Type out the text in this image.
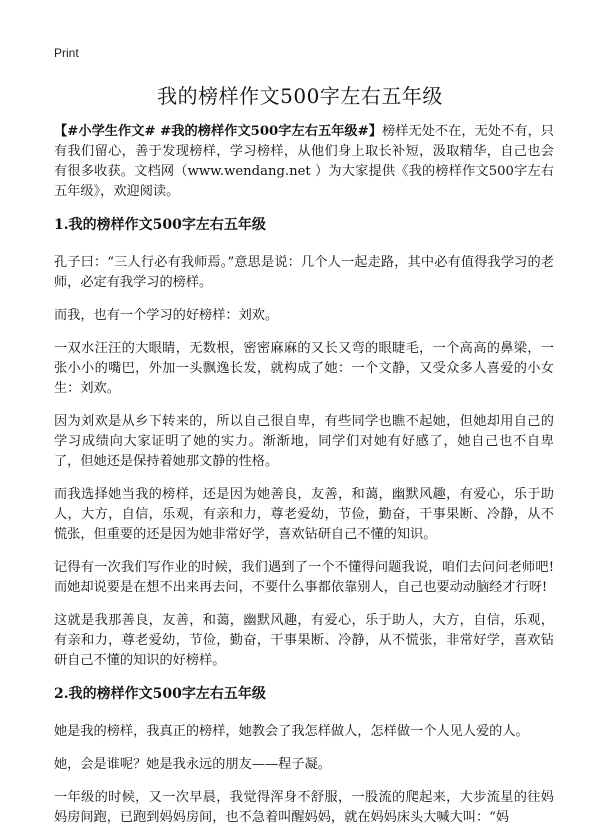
Print
我的榜样作文500字左右五年级

【#小学生作文# #我的榜样作文500字左右五年级#】榜样无处不在，无处不有，只有我们留心，善于发现榜样，学习榜样，从他们身上取长补短，汲取精华，自己也会有很多收获。文档网（www.wendang.net ）为大家提供《我的榜样作文500字左右五年级》，欢迎阅读。

1.我的榜样作文500字左右五年级

孔子曰：“三人行必有我师焉。”意思是说：几个人一起走路，其中必有值得我学习的老师，必定有我学习的榜样。

而我，也有一个学习的好榜样：刘欢。

一双水汪汪的大眼睛，无数根，密密麻麻的又长又弯的眼睫毛，一个高高的鼻梁，一张小小的嘴巴，外加一头飘逸长发，就构成了她：一个文静，又受众多人喜爱的小女生：刘欢。

因为刘欢是从乡下转来的，所以自己很自卑，有些同学也瞧不起她，但她却用自己的学习成绩向大家证明了她的实力。渐渐地，同学们对她有好感了，她自己也不自卑了，但她还是保持着她那文静的性格。

而我选择她当我的榜样，还是因为她善良，友善，和蔼，幽默风趣，有爱心，乐于助人，大方，自信，乐观，有亲和力，尊老爱幼，节俭，勤奋，干事果断、冷静，从不慌张，但重要的还是因为她非常好学，喜欢钻研自己不懂的知识。

记得有一次我们写作业的时候，我们遇到了一个不懂得问题我说，咱们去问问老师吧!而她却说要是在想不出来再去问，不要什么事都依靠别人，自己也要动动脑经才行呀!

这就是我那善良，友善，和蔼，幽默风趣，有爱心，乐于助人，大方，自信，乐观，有亲和力，尊老爱幼，节俭，勤奋，干事果断、冷静，从不慌张，非常好学，喜欢钻研自己不懂的知识的好榜样。

2.我的榜样作文500字左右五年级

她是我的榜样，我真正的榜样，她教会了我怎样做人，怎样做一个人见人爱的人。

她，会是谁呢？她是我永远的朋友——程子凝。

一年级的时候，又一次早晨，我觉得浑身不舒服，一股流的爬起来，大步流星的往妈妈房间跑，已跑到妈妈房间，也不急着叫醒妈妈，就在妈妈床头大喊大叫：“妈
